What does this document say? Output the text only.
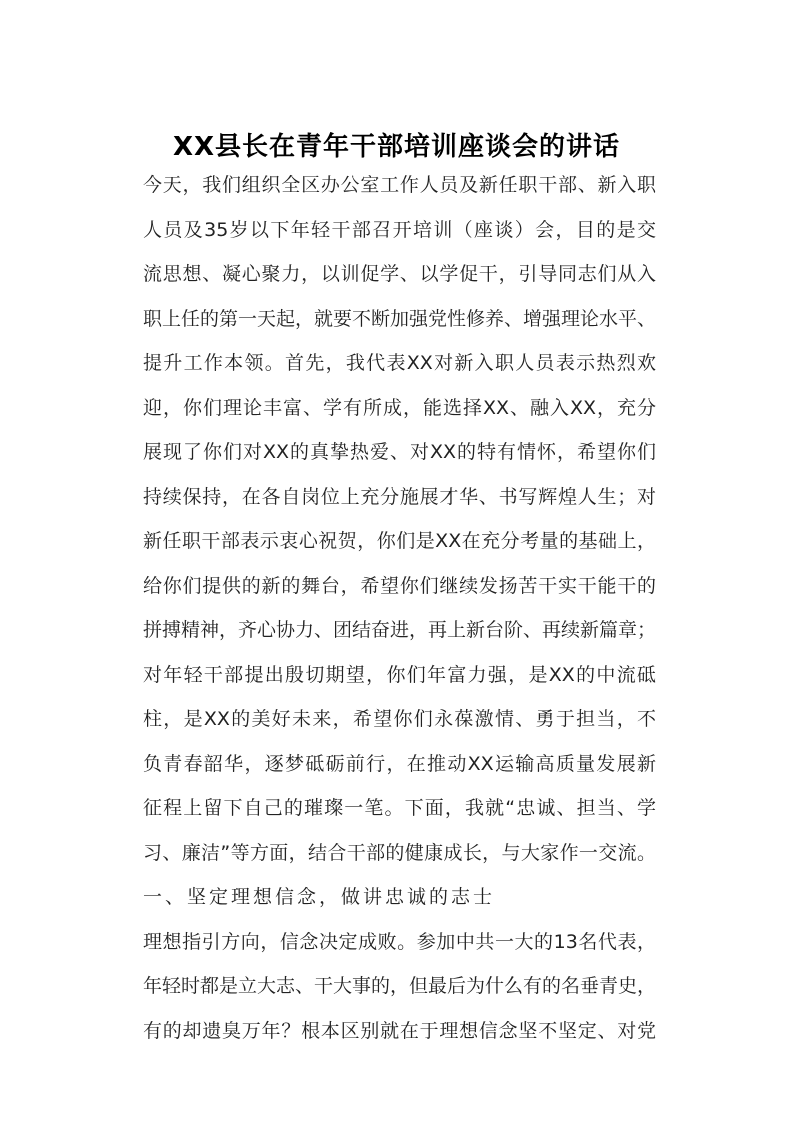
XX县长在青年干部培训座谈会的讲话
今天，我们组织全区办公室工作人员及新任职干部、新入职
人员及35岁以下年轻干部召开培训（座谈）会，目的是交
流思想、凝心聚力，以训促学、以学促干，引导同志们从入
职上任的第一天起，就要不断加强党性修养、增强理论水平、
提升工作本领。首先，我代表XX对新入职人员表示热烈欢
迎，你们理论丰富、学有所成，能选择XX、融入XX，充分
展现了你们对XX的真挚热爱、对XX的特有情怀，希望你们
持续保持，在各自岗位上充分施展才华、书写辉煌人生；对
新任职干部表示衷心祝贺，你们是XX在充分考量的基础上，
给你们提供的新的舞台，希望你们继续发扬苦干实干能干的
拼搏精神，齐心协力、团结奋进，再上新台阶、再续新篇章；
对年轻干部提出殷切期望，你们年富力强，是XX的中流砥
柱，是XX的美好未来，希望你们永葆激情、勇于担当，不
负青春韶华，逐梦砥砺前行，在推动XX运输高质量发展新
征程上留下自己的璀璨一笔。下面，我就“忠诚、担当、学
习、廉洁”等方面，结合干部的健康成长，与大家作一交流。
一、坚定理想信念，做讲忠诚的志士
理想指引方向，信念决定成败。参加中共一大的13名代表，
年轻时都是立大志、干大事的，但最后为什么有的名垂青史，
有的却遗臭万年？根本区别就在于理想信念坚不坚定、对党
